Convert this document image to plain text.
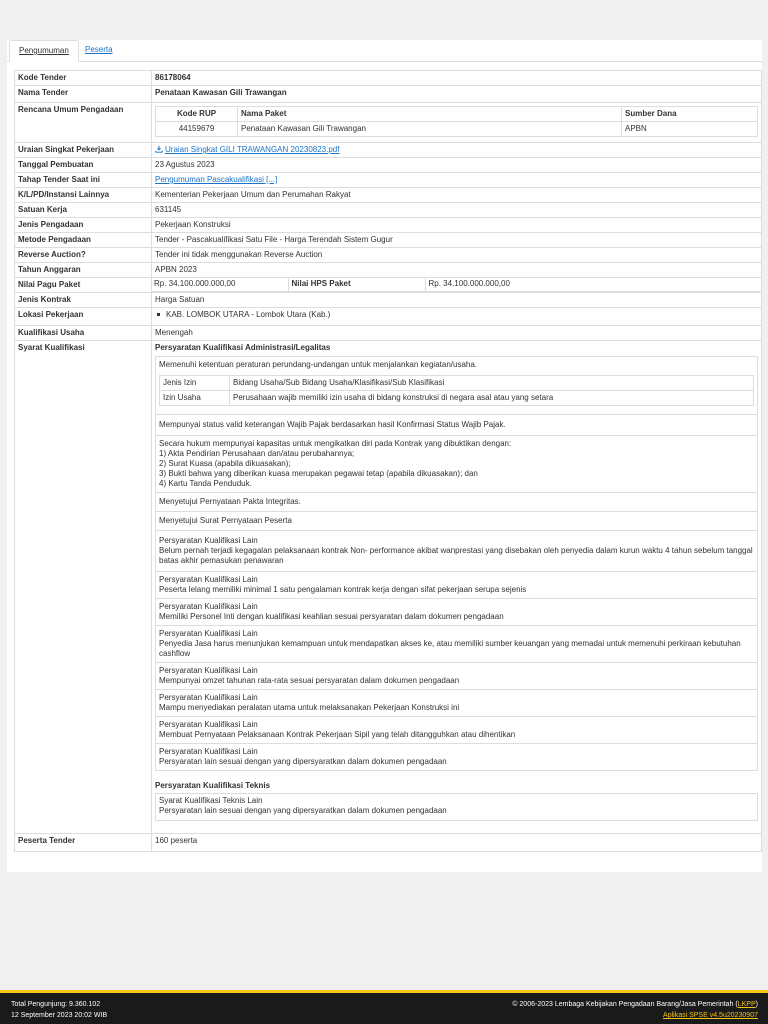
Pengumuman	Peserta
Kode Tender	86178064
Nama Tender	Penataan Kawasan Gili Trawangan
Rencana Umum Pengadaan		Kode RUP	Nama Paket	Sumber Dana
44159679	Penataan Kawasan Gili Trawangan	APBN

Uraian Singkat Pekerjaan	Uraian Singkat GILI TRAWANGAN 20230823.pdf
Tanggal Pembuatan	23 Agustus 2023
Tahap Tender Saat ini	Pengumuman Pascakualifikasi [...]
K/L/PD/Instansi Lainnya	Kementerian Pekerjaan Umum dan Perumahan Rakyat
Satuan Kerja	631145
Jenis Pengadaan	Pekerjaan Konstruksi
Metode Pengadaan	Tender - Pascakualifikasi Satu File - Harga Terendah Sistem Gugur
Reverse Auction?	Tender ini tidak menggunakan Reverse Auction
Tahun Anggaran	APBN 2023
Nilai Pagu Paket		Rp. 34.100.000.000,00	Nilai HPS Paket	Rp. 34.100.000.000,00

Jenis Kontrak	Harga Satuan
Lokasi Pekerjaan	KAB. LOMBOK UTARA - Lombok Utara (Kab.)
Kualifikasi Usaha	Menengah
Syarat Kualifikasi	Persyaratan Kualifikasi Administrasi/Legalitas
Memenuhi ketentuan peraturan perundang-undangan untuk menjalankan kegiatan/usaha.
Jenis Izin	Bidang Usaha/Sub Bidang Usaha/Klasifikasi/Sub Klasifikasi
Izin Usaha	Perusahaan wajib memiliki izin usaha di bidang konstruksi di negara asal atau yang setara
Mempunyai status valid keterangan Wajib Pajak berdasarkan hasil Konfirmasi Status Wajib Pajak.
Secara hukum mempunyai kapasitas untuk mengikatkan diri pada Kontrak yang dibuktikan dengan:
1) Akta Pendirian Perusahaan dan/atau perubahannya;
2) Surat Kuasa (apabila dikuasakan);
3) Bukti bahwa yang diberikan kuasa merupakan pegawai tetap (apabila dikuasakan); dan
4) Kartu Tanda Penduduk.
Menyetujui Pernyataan Pakta Integritas.
Menyetujui Surat Pernyataan Peserta
Persyaratan Kualifikasi Lain
Belum pernah terjadi kegagalan pelaksanaan kontrak Non- performance akibat wanprestasi yang disebakan oleh penyedia dalam kurun waktu 4 tahun sebelum tanggal batas akhir pemasukan penawaran
Persyaratan Kualifikasi Lain
Peserta lelang memiliki minimal 1 satu pengalaman kontrak kerja dengan sifat pekerjaan serupa sejenis
Persyaratan Kualifikasi Lain
Memiliki Personel Inti dengan kualifikasi keahlian sesuai persyaratan dalam dokumen pengadaan
Persyaratan Kualifikasi Lain
Penyedia Jasa harus menunjukan kemampuan untuk mendapatkan akses ke, atau memiliki sumber keuangan yang memadai untuk memenuhi perkiraan kebutuhan cashflow
Persyaratan Kualifikasi Lain
Mempunyai omzet tahunan rata-rata sesuai persyaratan dalam dokumen pengadaan
Persyaratan Kualifikasi Lain
Mampu menyediakan peralatan utama untuk melaksanakan Pekerjaan Konstruksi ini
Persyaratan Kualifikasi Lain
Membuat Pernyataan Pelaksanaan Kontrak Pekerjaan Sipil yang telah ditangguhkan atau dihentikan
Persyaratan Kualifikasi Lain
Persyaratan lain sesuai dengan yang dipersyaratkan dalam dokumen pengadaan
Persyaratan Kualifikasi Teknis
Syarat Kualifikasi Teknis Lain
Persyaratan lain sesuai dengan yang dipersyaratkan dalam dokumen pengadaan

Peserta Tender	160 peserta
Total Pengunjung: 9.360.102
12 September 2023 20:02 WIB
© 2006-2023 Lembaga Kebijakan Pengadaan Barang/Jasa Pemerintah (LKPP)
Aplikasi SPSE v4.5u20230907
